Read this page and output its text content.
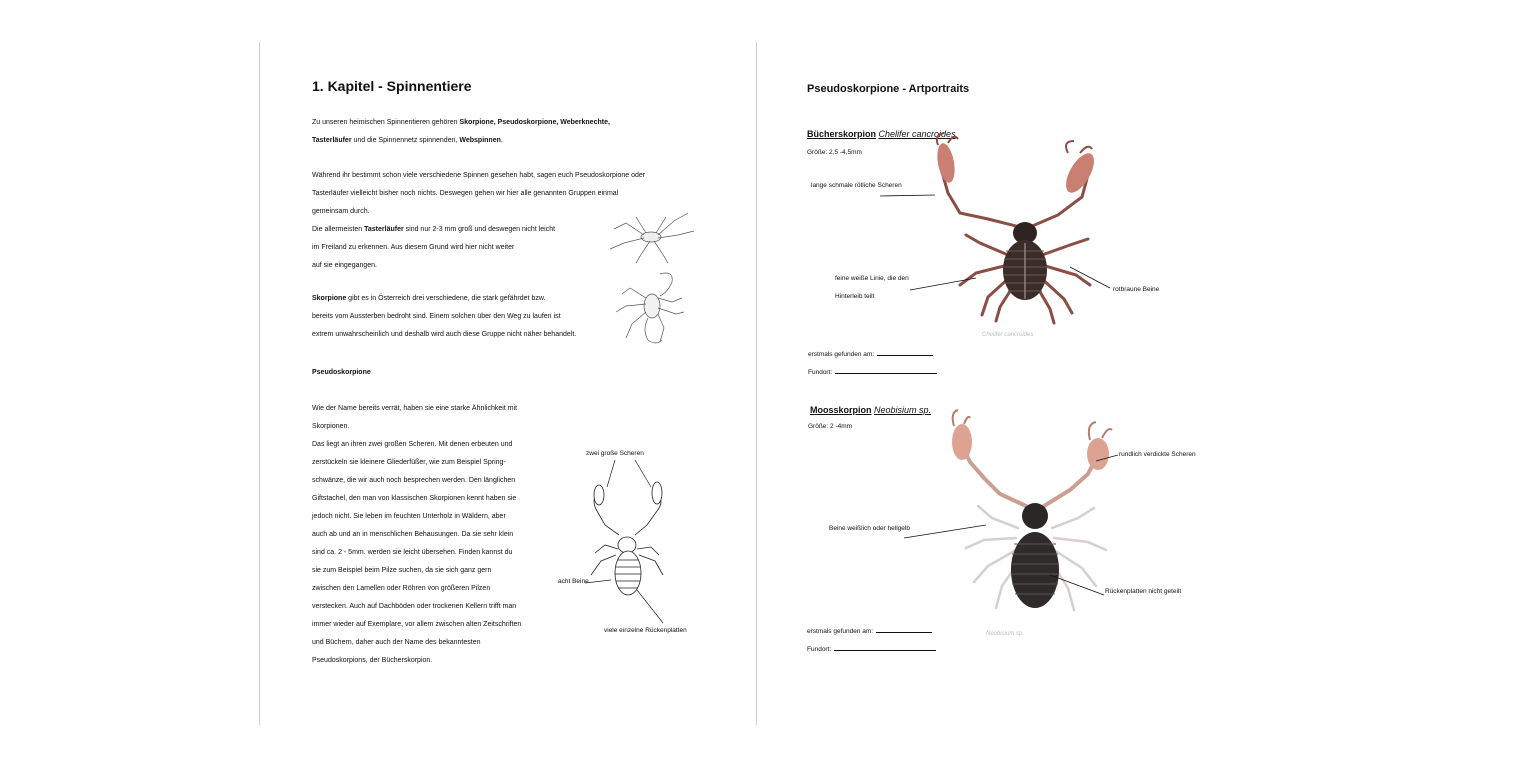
1. Kapitel - Spinnentiere
Zu unseren heimischen Spinnentieren gehören Skorpione, Pseudoskorpione, Weberknechte,
Tasterläufer und die Spinnennetz spinnenden, Webspinnen.
Während ihr bestimmt schon viele verschiedene Spinnen gesehen habt, sagen euch Pseudoskorpione oder
Tasterläufer vielleicht bisher noch nichts. Deswegen gehen wir hier alle genannten Gruppen einmal
gemeinsam durch.
Die allermeisten Tasterläufer sind nur 2-3 mm groß und deswegen nicht leicht
im Freiland zu erkennen. Aus diesem Grund wird hier nicht weiter
auf sie eingegangen.
Skorpione gibt es in Österreich drei verschiedene, die stark gefährdet bzw.
bereits vom Aussterben bedroht sind. Einem solchen über den Weg zu laufen ist
extrem unwahrscheinlich und deshalb wird auch diese Gruppe nicht näher behandelt.
Pseudoskorpione
Wie der Name bereits verrät, haben sie eine starke Ähnlichkeit mit
Skorpionen.
Das liegt an ihren zwei großen Scheren. Mit denen erbeuten und
zerstückeln sie kleinere Gliederfüßer, wie zum Beispiel Spring-
schwänze, die wir auch noch besprechen werden. Den länglichen
Giftstachel, den man von klassischen Skorpionen kennt haben sie
jedoch nicht. Sie leben im feuchten Unterholz in Wäldern, aber
auch ab und an in menschlichen Behausungen. Da sie sehr klein
sind ca. 2 - 5mm. werden sie leicht übersehen. Finden kannst du
sie zum Beispiel beim Pilze suchen, da sie sich ganz gern
zwischen den Lamellen oder Röhren von größeren Pilzen
verstecken. Auch auf Dachböden oder trockenen Kellern trifft man
immer wieder auf Exemplare, vor allem zwischen alten Zeitschriften
und Büchern, daher auch der Name des bekanntesten
Pseudoskorpions, der Bücherskorpion.
zwei große Scheren
acht Beine
viele einzelne Rückenplatten
Pseudoskorpione - Artportraits
Bücherskorpion Chelifer cancroides
Größe: 2,5 -4,5mm
Chelifer cancroides
lange schmale rötliche Scheren
feine weiße Linie, die den
Hinterleib teilt
rotbraune Beine
erstmals gefunden am:
Fundort:
Moosskorpion Neobisium sp.
Größe: 2 -4mm
Neobisium sp.
rundlich verdickte Scheren
Beine weißlich oder hellgelb
Rückenplatten nicht geteilt
erstmals gefunden am:
Fundort:
